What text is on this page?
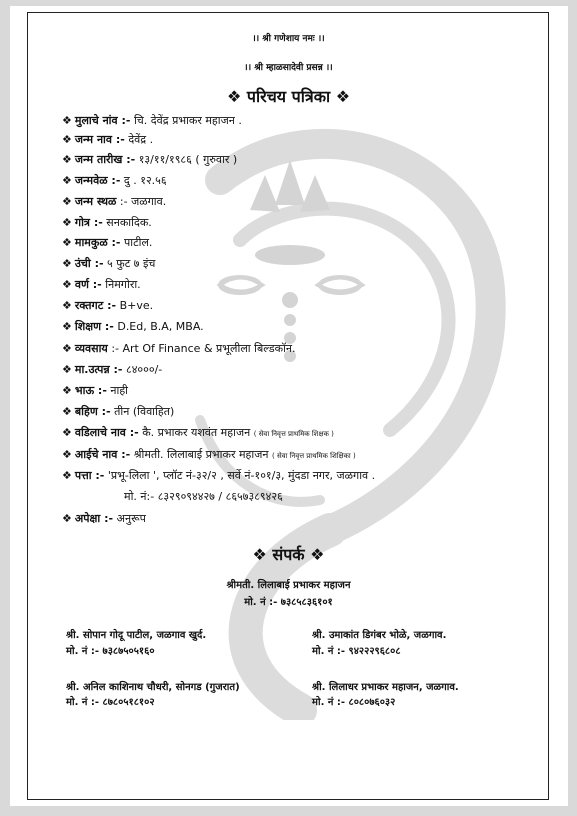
।। श्री गणेशाय नमः ।।
।। श्री म्हाळसादेवी प्रसन्न ।।
❖ परिचय पत्रिका ❖
❖ मुलाचे नांव :- चि. देवेंद्र प्रभाकर महाजन .
❖ जन्म नाव :- देवेंद्र .
❖ जन्म तारीख :- १३/११/१९८६ ( गुरुवार )
❖ जन्मवेळ :- दु . १२.५६
❖ जन्म स्थळ :- जळगाव.
❖ गोत्र :- सनकादिक.
❖ मामकुळ :- पाटील.
❖ उंची :- ५ फुट ७ इंच
❖ वर्ण :- निमगोरा.
❖ रक्तगट :- B+ve.
❖ शिक्षण :- D.Ed, B.A, MBA.
❖ व्यवसाय :- Art Of Finance & प्रभूलीला बिल्डकॉन.
❖ मा.उत्पन्न :- ८४०००/-
❖ भाऊ :- नाही
❖ बहिण :- तीन (विवाहित)
❖ वडिलाचे नाव :- कै. प्रभाकर यशवंत महाजन ( सेवा निवृत्त प्राथमिक शिक्षक )
❖ आईचे नाव :- श्रीमती. लिलाबाई प्रभाकर महाजन ( सेवा निवृत्त प्राथमिक शिक्षिका )
❖ पत्ता :- 'प्रभू-लिला ', प्लॉट नं-३२/२ , सर्वे नं-१०१/३, मुंदडा नगर, जळगाव .
मो. नं:- ८३२९०९४४२७ / ८६५७३८९४२६
❖ अपेक्षा :- अनुरूप
❖ संपर्क ❖
श्रीमती. लिलाबाई प्रभाकर महाजन
मो. नं :- ७३८५८३६१०१
श्री. सोपान गोदू पाटील, जळगाव खुर्द.
मो. नं :- ७३८७५०५१६०
श्री. उमाकांत डिगंबर भोळे, जळगाव.
मो. नं :- ९४२२२९६८०८
श्री. अनिल काशिनाथ चौधरी, सोनगड (गुजरात)
मो. नं :- ८७८०५१८१०२
श्री. लिलाधर प्रभाकर महाजन, जळगाव.
मो. नं :- ८०८०७६०३२
